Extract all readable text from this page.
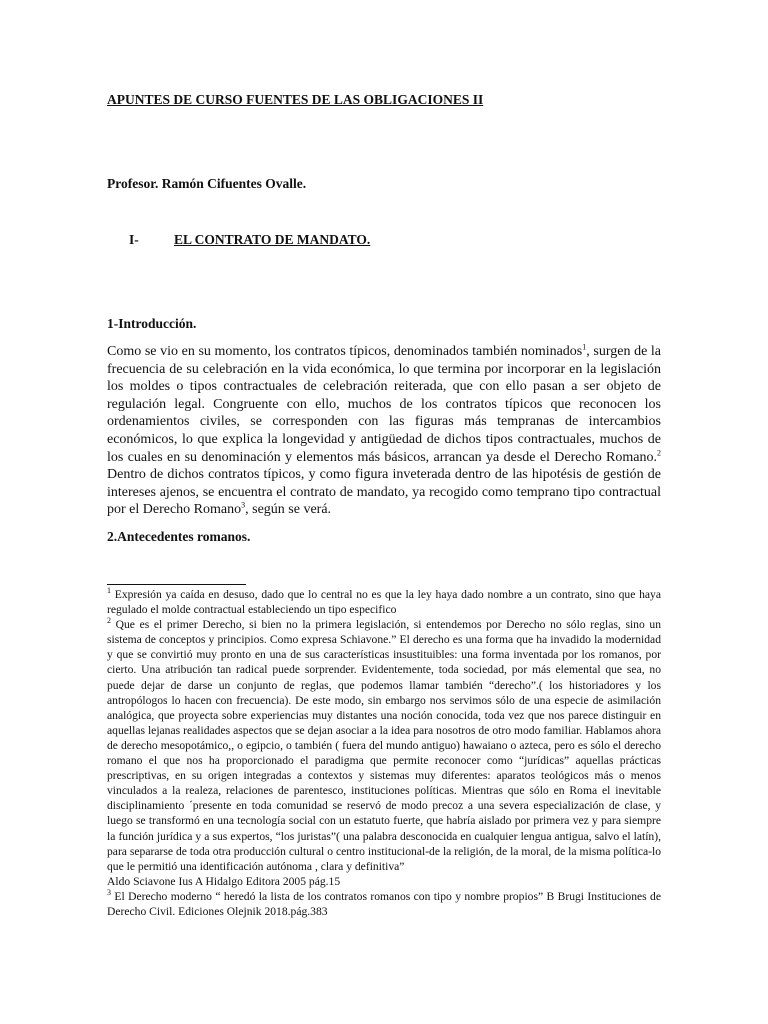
APUNTES DE CURSO FUENTES DE LAS OBLIGACIONES II
Profesor. Ramón Cifuentes Ovalle.
I-	EL CONTRATO DE MANDATO.
1-Introducción.
Como se vio en su momento, los contratos típicos, denominados también nominados$^1$, surgen de la frecuencia de su celebración en la vida económica, lo que termina por incorporar en la legislación los moldes o tipos contractuales de celebración reiterada, que con ello pasan a ser objeto de regulación legal. Congruente con ello, muchos de los contratos típicos que reconocen los ordenamientos civiles, se corresponden con las figuras más tempranas de intercambios económicos, lo que explica la longevidad y antigüedad de dichos tipos contractuales, muchos de los cuales en su denominación y elementos más básicos, arrancan ya desde el Derecho Romano.$^2$ Dentro de dichos contratos típicos, y como figura inveterada dentro de las hipotésis de gestión de intereses ajenos, se encuentra el contrato de mandato, ya recogido como temprano tipo contractual por el Derecho Romano$^3$, según se verá.
2.Antecedentes romanos.

$^1$ Expresión ya caída en desuso, dado que lo central no es que la ley haya dado nombre a un contrato, sino que haya regulado el molde contractual estableciendo un tipo especifico

$^2$ Que es el primer Derecho, si bien no la primera legislación, si entendemos por Derecho no sólo reglas, sino un sistema de conceptos y principios. Como expresa Schiavone.” El derecho es una forma que ha invadido la modernidad y que se convirtió muy pronto en una de sus características insustituibles: una forma inventada por los romanos, por cierto. Una atribución tan radical puede sorprender. Evidentemente, toda sociedad, por más elemental que sea, no puede dejar de darse un conjunto de reglas, que podemos llamar también “derecho”.( los historiadores y los antropólogos lo hacen con frecuencia). De este modo, sin embargo nos servimos sólo de una especie de asimilación analógica, que proyecta sobre experiencias muy distantes una noción conocida, toda vez que nos parece distinguir en aquellas lejanas realidades aspectos que se dejan asociar a la idea para nosotros de otro modo familiar. Hablamos ahora de derecho mesopotámico,, o egipcio, o también ( fuera del mundo antiguo) hawaiano o azteca, pero es sólo el derecho romano el que nos ha proporcionado el paradigma que permite reconocer como “jurídicas” aquellas prácticas prescriptivas, en su origen integradas a contextos y sistemas muy diferentes: aparatos teológicos más o menos vinculados a la realeza, relaciones de parentesco, instituciones políticas. Mientras que sólo en Roma el inevitable disciplinamiento ´presente en toda comunidad se reservó de modo precoz a una severa especialización de clase, y luego se transformó en una tecnología social con un estatuto fuerte, que habría aislado por primera vez y para siempre la función jurídica y a sus expertos, “los juristas”( una palabra desconocida en cualquier lengua antigua, salvo el latín), para separarse de toda otra producción cultural o centro institucional-de la religión, de la moral, de la misma política-lo que le permitió una identificación autónoma , clara y definitiva”
Aldo Sciavone Ius A Hidalgo Editora 2005 pág.15

$^3$ El Derecho moderno “ heredó la lista de los contratos romanos con tipo y nombre propios” B Brugi Instituciones de Derecho Civil. Ediciones Olejnik 2018.pág.383
